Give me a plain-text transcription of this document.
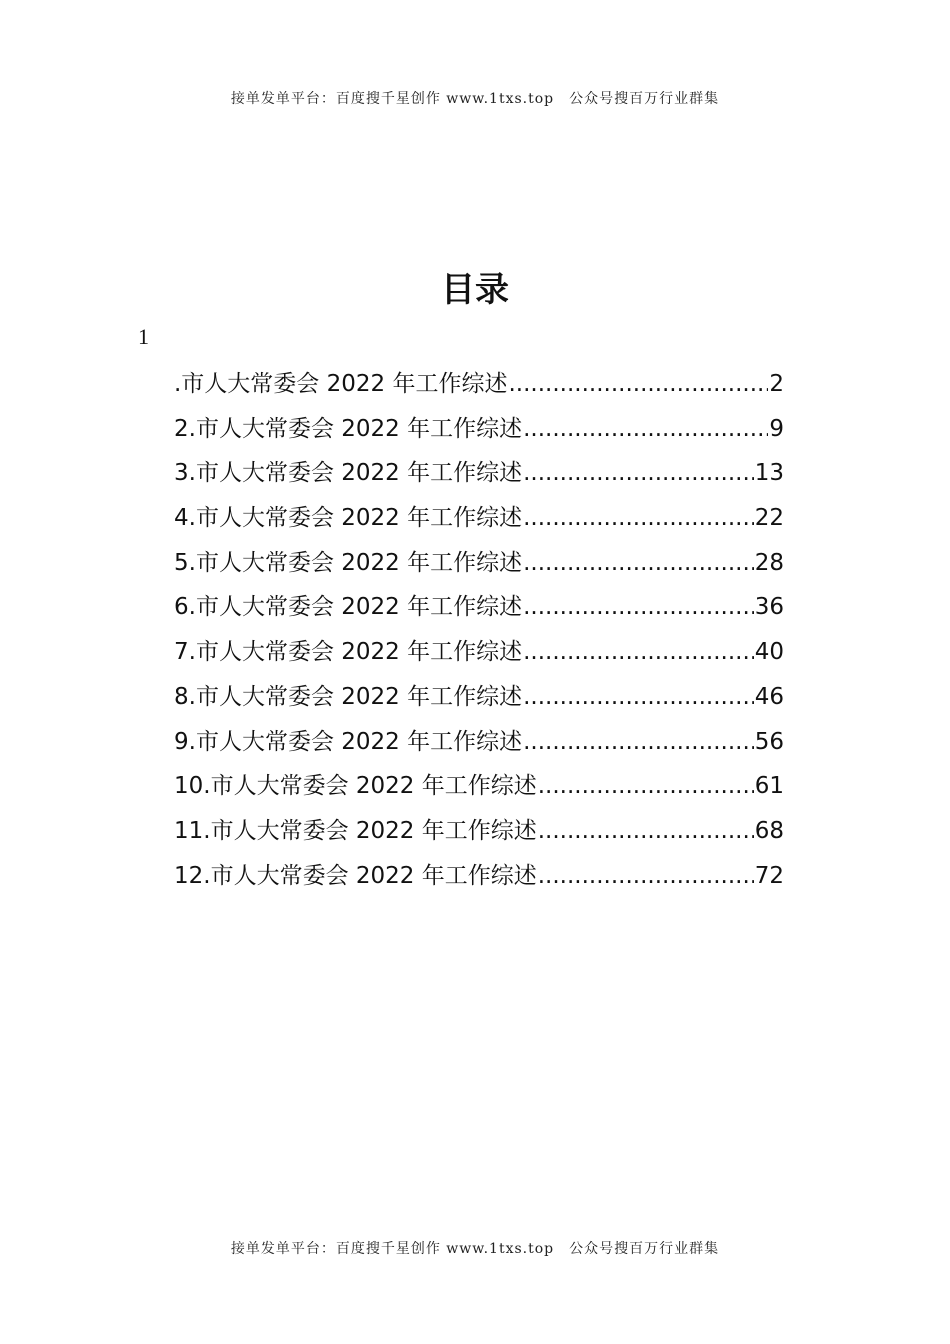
接单发单平台：百度搜千星创作 www.1txs.top　公众号搜百万行业群集
目录
1
.市人大常委会 2022 年工作综述 .....	2
2.市人大常委会 2022 年工作综述 .....	9
3.市人大常委会 2022 年工作综述 .....	13
4.市人大常委会 2022 年工作综述 .....	22
5.市人大常委会 2022 年工作综述 .....	28
6.市人大常委会 2022 年工作综述 .....	36
7.市人大常委会 2022 年工作综述 .....	40
8.市人大常委会 2022 年工作综述 .....	46
9.市人大常委会 2022 年工作综述 .....	56
10.市人大常委会 2022 年工作综述 .....	61
11.市人大常委会 2022 年工作综述 .....	68
12.市人大常委会 2022 年工作综述 .....	72
接单发单平台：百度搜千星创作 www.1txs.top　公众号搜百万行业群集
